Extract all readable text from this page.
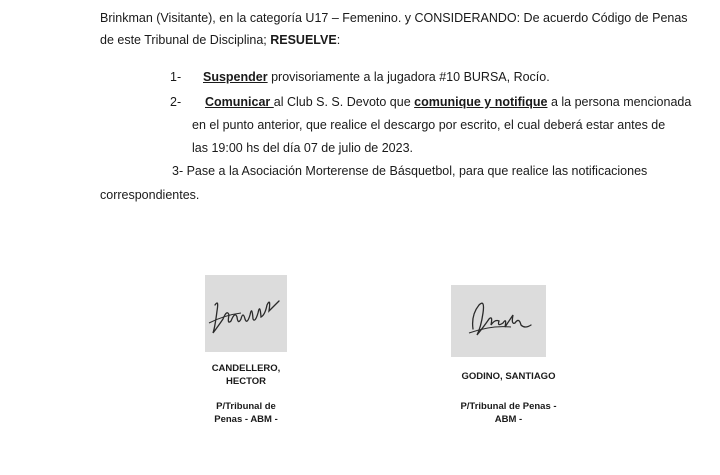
Brinkman (Visitante), en la categoría U17 – Femenino. y CONSIDERANDO: De acuerdo Código de Penas
de este Tribunal de Disciplina; RESUELVE:
1- Suspender provisoriamente a la jugadora #10 BURSA, Rocío.
2- Comunicar al Club S. S. Devoto que comunique y notifique a la persona mencionada
en el punto anterior, que realice el descargo por escrito, el cual deberá estar antes de
las 19:00 hs del día 07 de julio de 2023.
3- Pase a la Asociación Morterense de Básquetbol, para que realice las notificaciones
correspondientes.
CANDELLERO,
HECTOR
P/Tribunal de
Penas - ABM -
GODINO, SANTIAGO
P/Tribunal de Penas -
ABM -
